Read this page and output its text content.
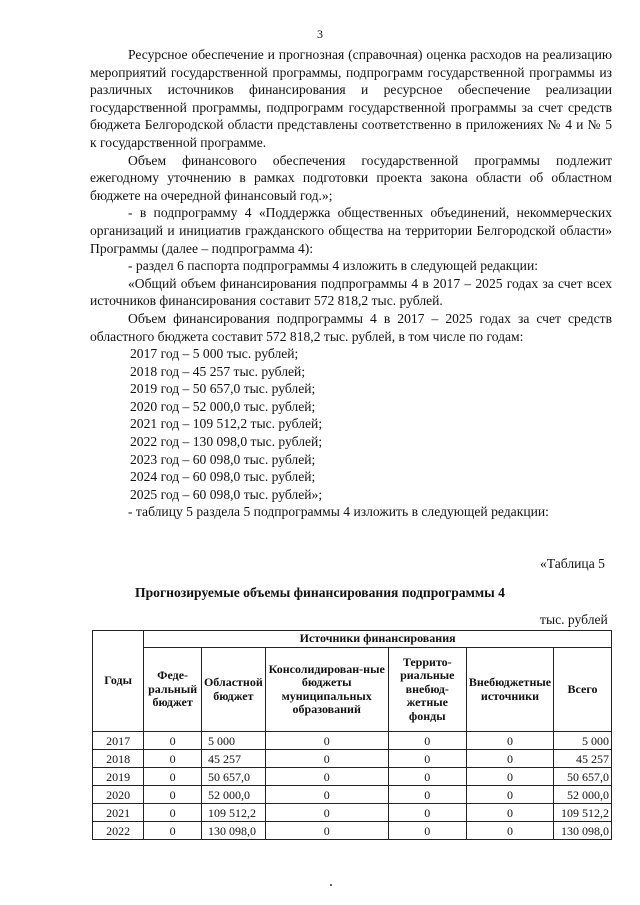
3

Ресурсное обеспечение и прогнозная (справочная) оценка расходов на реализацию мероприятий государственной программы, подпрограмм государственной программы из различных источников финансирования и ресурсное обеспечение реализации государственной программы, подпрограмм государственной программы за счет средств бюджета Белгородской области представлены соответственно в приложениях № 4 и № 5 к государственной программе.

Объем финансового обеспечения государственной программы подлежит ежегодному уточнению в рамках подготовки проекта закона области об областном бюджете на очередной финансовый год.»;

- в подпрограмму 4 «Поддержка общественных объединений, некоммерческих организаций и инициатив гражданского общества на территории Белгородской области» Программы (далее – подпрограмма 4):

- раздел 6 паспорта подпрограммы 4 изложить в следующей редакции:

«Общий объем финансирования подпрограммы 4 в 2017 – 2025 годах за счет всех источников финансирования составит 572 818,2 тыс. рублей.

Объем финансирования подпрограммы 4 в 2017 – 2025 годах за счет средств областного бюджета составит 572 818,2 тыс. рублей, в том числе по годам:

2017 год – 5 000 тыс. рублей;
2018 год – 45 257 тыс. рублей;
2019 год – 50 657,0 тыс. рублей;
2020 год – 52 000,0 тыс. рублей;
2021 год – 109 512,2 тыс. рублей;
2022 год – 130 098,0 тыс. рублей;
2023 год – 60 098,0 тыс. рублей;
2024 год – 60 098,0 тыс. рублей;
2025 год – 60 098,0 тыс. рублей»;

- таблицу 5 раздела 5 подпрограммы 4 изложить в следующей редакции:

«Таблица 5
Прогнозируемые объемы финансирования подпрограммы 4
тыс. рублей
Годы	Источники финансирования					
	Феде-ральный бюджет	Областной бюджет	Консолидирован-ные бюджеты муниципальных образований	Террито-риальные внебюд-жетные фонды	Внебюджетные источники	Всего
2017	0	5 000	0	0	0	5 000
2018	0	45 257	0	0	0	45 257
2019	0	50 657,0	0	0	0	50 657,0
2020	0	52 000,0	0	0	0	52 000,0
2021	0	109 512,2	0	0	0	109 512,2
2022	0	130 098,0	0	0	0	130 098,0
